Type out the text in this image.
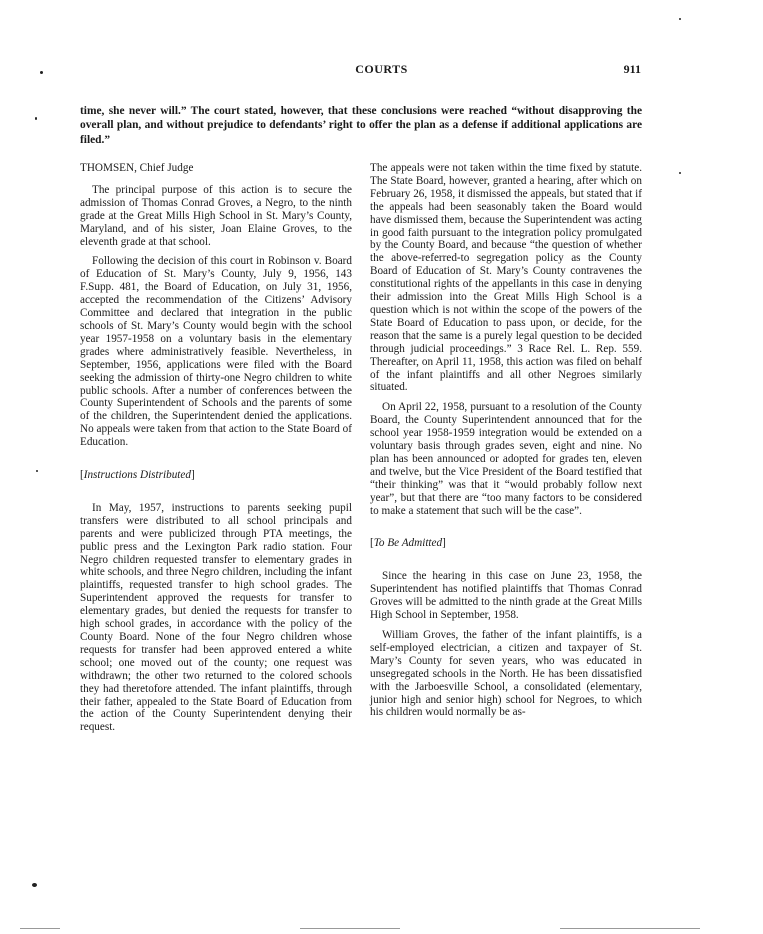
COURTS	911
time, she never will.” The court stated, however, that these conclusions were reached “without disapproving the overall plan, and without prejudice to defendants’ right to offer the plan as a defense if additional applications are filed.”
THOMSEN, Chief Judge

The principal purpose of this action is to secure the admission of Thomas Conrad Groves, a Negro, to the ninth grade at the Great Mills High School in St. Mary’s County, Maryland, and of his sister, Joan Elaine Groves, to the eleventh grade at that school.

Following the decision of this court in Robinson v. Board of Education of St. Mary’s County, July 9, 1956, 143 F.Supp. 481, the Board of Education, on July 31, 1956, accepted the recommendation of the Citizens’ Advisory Committee and declared that integration in the public schools of St. Mary’s County would begin with the school year 1957-1958 on a voluntary basis in the elementary grades where administratively feasible. Nevertheless, in September, 1956, applications were filed with the Board seeking the admission of thirty-one Negro children to white public schools. After a number of conferences between the County Superintendent of Schools and the parents of some of the children, the Superintendent denied the applications. No appeals were taken from that action to the State Board of Education.

[Instructions Distributed]

In May, 1957, instructions to parents seeking pupil transfers were distributed to all school principals and parents and were publicized through PTA meetings, the public press and the Lexington Park radio station. Four Negro children requested transfer to elementary grades in white schools, and three Negro children, including the infant plaintiffs, requested transfer to high school grades. The Superintendent approved the requests for transfer to elementary grades, but denied the requests for transfer to high school grades, in accordance with the policy of the County Board. None of the four Negro children whose requests for transfer had been approved entered a white school; one moved out of the county; one request was withdrawn; the other two returned to the colored schools they had theretofore attended. The infant plaintiffs, through their father, appealed to the State Board of Education from the action of the County Superintendent denying their request.

The appeals were not taken within the time fixed by statute. The State Board, however, granted a hearing, after which on February 26, 1958, it dismissed the appeals, but stated that if the appeals had been seasonably taken the Board would have dismissed them, because the Superintendent was acting in good faith pursuant to the integration policy promulgated by the County Board, and because “the question of whether the above-referred-to segregation policy as the County Board of Education of St. Mary’s County contravenes the constitutional rights of the appellants in this case in denying their admission into the Great Mills High School is a question which is not within the scope of the powers of the State Board of Education to pass upon, or decide, for the reason that the same is a purely legal question to be decided through judicial proceedings.” 3 Race Rel. L. Rep. 559. Thereafter, on April 11, 1958, this action was filed on behalf of the infant plaintiffs and all other Negroes similarly situated.

On April 22, 1958, pursuant to a resolution of the County Board, the County Superintendent announced that for the school year 1958-1959 integration would be extended on a voluntary basis through grades seven, eight and nine. No plan has been announced or adopted for grades ten, eleven and twelve, but the Vice President of the Board testified that “their thinking” was that it “would probably follow next year”, but that there are “too many factors to be considered to make a statement that such will be the case”.

[To Be Admitted]

Since the hearing in this case on June 23, 1958, the Superintendent has notified plaintiffs that Thomas Conrad Groves will be admitted to the ninth grade at the Great Mills High School in September, 1958.

William Groves, the father of the infant plaintiffs, is a self-employed electrician, a citizen and taxpayer of St. Mary’s County for seven years, who was educated in unsegregated schools in the North. He has been dissatisfied with the Jarboesville School, a consolidated (elementary, junior high and senior high) school for Negroes, to which his children would normally be as-
